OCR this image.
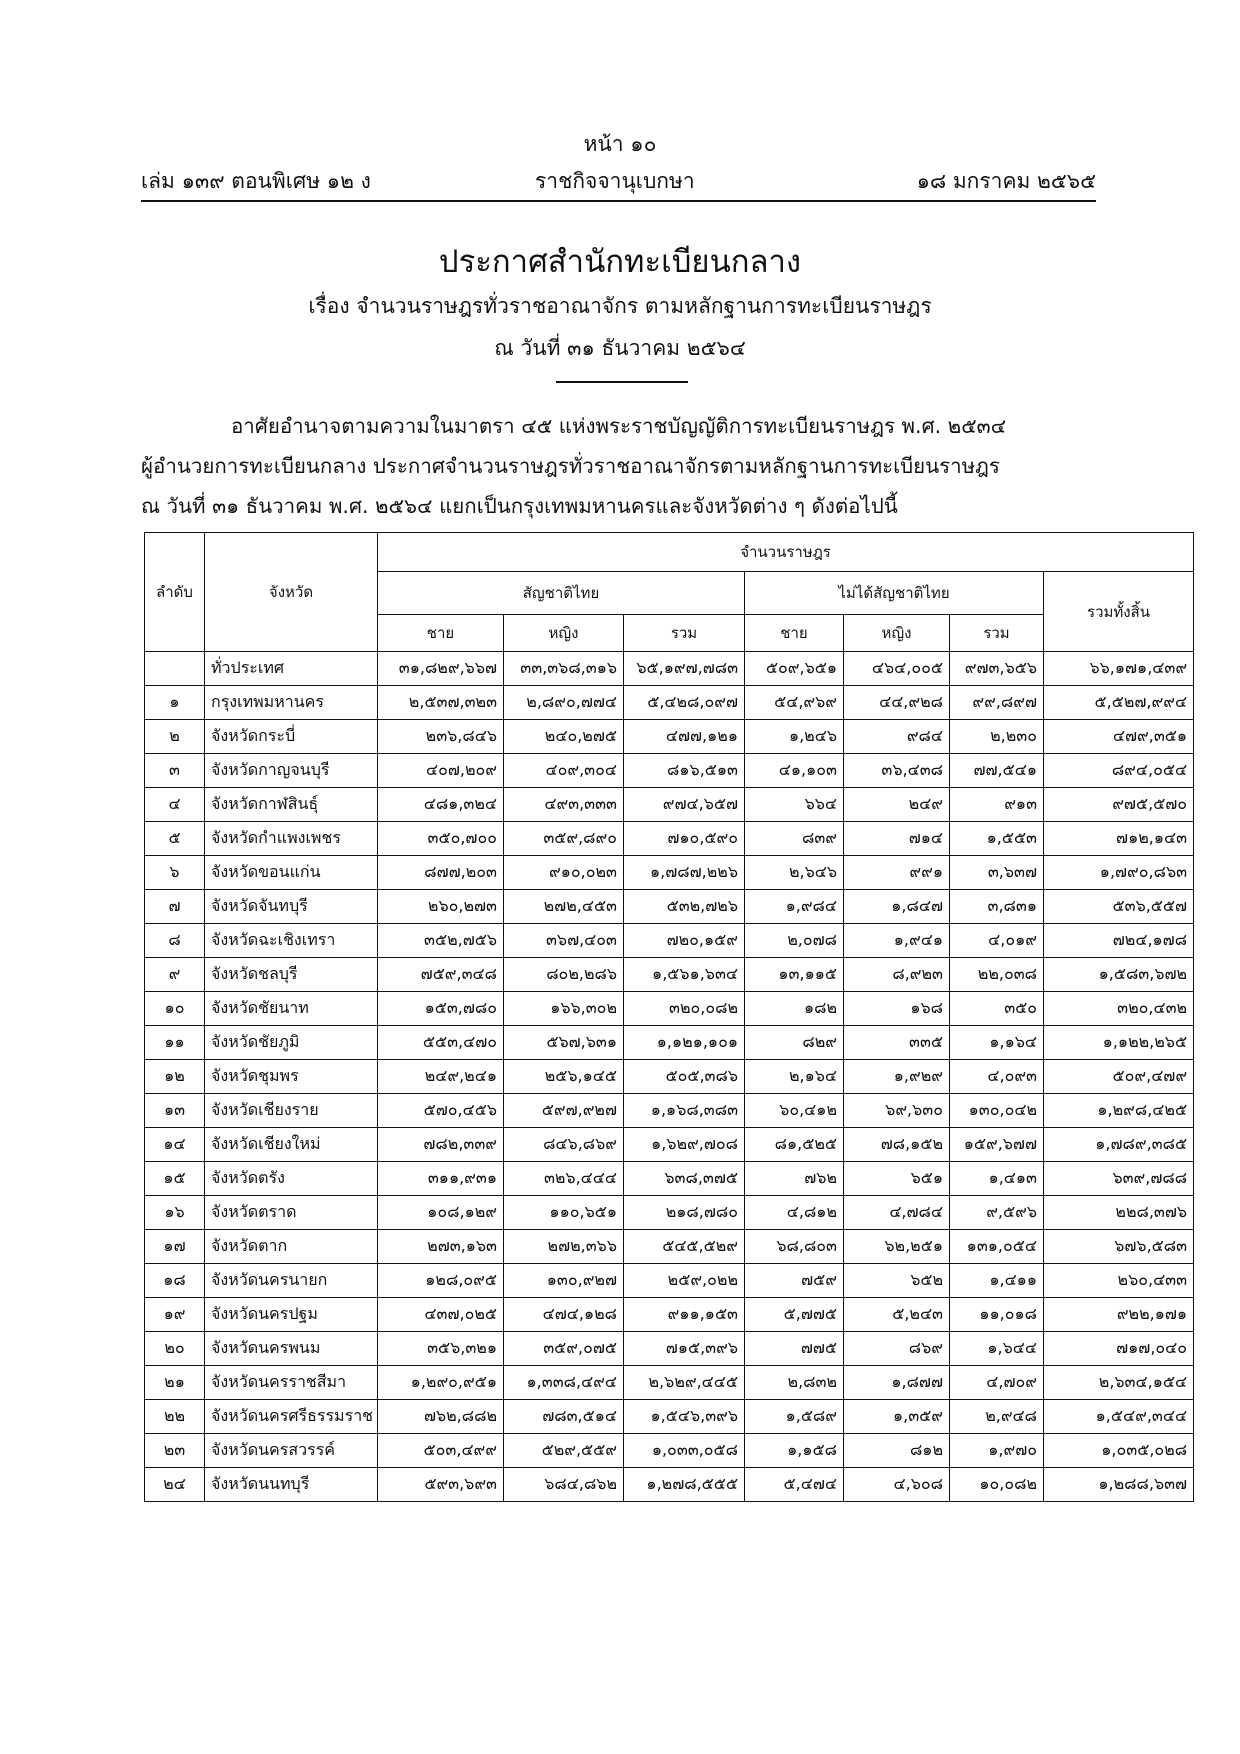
หน้า ๑๐
เล่ม ๑๓๙ ตอนพิเศษ ๑๒ ง	ราชกิจจานุเบกษา	๑๘ มกราคม ๒๕๖๕
ประกาศสำนักทะเบียนกลาง
เรื่อง จำนวนราษฎรทั่วราชอาณาจักร ตามหลักฐานการทะเบียนราษฎร
ณ วันที่ ๓๑ ธันวาคม ๒๕๖๔
อาศัยอำนาจตามความในมาตรา ๔๕ แห่งพระราชบัญญัติการทะเบียนราษฎร พ.ศ. ๒๕๓๔
ผู้อำนวยการทะเบียนกลาง ประกาศจำนวนราษฎรทั่วราชอาณาจักรตามหลักฐานการทะเบียนราษฎร
ณ วันที่ ๓๑ ธันวาคม พ.ศ. ๒๕๖๔ แยกเป็นกรุงเทพมหานครและจังหวัดต่าง ๆ ดังต่อไปนี้
ลำดับ	จังหวัด	จำนวนราษฎร						
		สัญชาติไทย			ไม่ได้สัญชาติไทย			รวมทั้งสิ้น
		ชาย	หญิง	รวม	ชาย	หญิง	รวม	
	ทั่วประเทศ	๓๑,๘๒๙,๖๖๗	๓๓,๓๖๘,๓๑๖	๖๕,๑๙๗,๗๘๓	๕๐๙,๖๕๑	๔๖๔,๐๐๕	๙๗๓,๖๕๖	๖๖,๑๗๑,๔๓๙
๑	กรุงเทพมหานคร	๒,๕๓๗,๓๒๓	๒,๘๙๐,๗๗๔	๕,๔๒๘,๐๙๗	๕๔,๙๖๙	๔๔,๙๒๘	๙๙,๘๙๗	๕,๕๒๗,๙๙๔
๒	จังหวัดกระบี่	๒๓๖,๘๔๖	๒๔๐,๒๗๕	๔๗๗,๑๒๑	๑,๒๔๖	๙๘๔	๒,๒๓๐	๔๗๙,๓๕๑
๓	จังหวัดกาญจนบุรี	๔๐๗,๒๐๙	๔๐๙,๓๐๔	๘๑๖,๕๑๓	๔๑,๑๐๓	๓๖,๔๓๘	๗๗,๕๔๑	๘๙๔,๐๕๔
๔	จังหวัดกาฬสินธุ์	๔๘๑,๓๒๔	๔๙๓,๓๓๓	๙๗๔,๖๕๗	๖๖๔	๒๔๙	๙๑๓	๙๗๕,๕๗๐
๕	จังหวัดกำแพงเพชร	๓๕๐,๗๐๐	๓๕๙,๘๙๐	๗๑๐,๕๙๐	๘๓๙	๗๑๔	๑,๕๕๓	๗๑๒,๑๔๓
๖	จังหวัดขอนแก่น	๘๗๗,๒๐๓	๙๑๐,๐๒๓	๑,๗๘๗,๒๒๖	๒,๖๔๖	๙๙๑	๓,๖๓๗	๑,๗๙๐,๘๖๓
๗	จังหวัดจันทบุรี	๒๖๐,๒๗๓	๒๗๒,๔๕๓	๕๓๒,๗๒๖	๑,๙๘๔	๑,๘๔๗	๓,๘๓๑	๕๓๖,๕๕๗
๘	จังหวัดฉะเชิงเทรา	๓๕๒,๗๕๖	๓๖๗,๔๐๓	๗๒๐,๑๕๙	๒,๐๗๘	๑,๙๔๑	๔,๐๑๙	๗๒๔,๑๗๘
๙	จังหวัดชลบุรี	๗๕๙,๓๔๘	๘๐๒,๒๘๖	๑,๕๖๑,๖๓๔	๑๓,๑๑๕	๘,๙๒๓	๒๒,๐๓๘	๑,๕๘๓,๖๗๒
๑๐	จังหวัดชัยนาท	๑๕๓,๗๘๐	๑๖๖,๓๐๒	๓๒๐,๐๘๒	๑๘๒	๑๖๘	๓๕๐	๓๒๐,๔๓๒
๑๑	จังหวัดชัยภูมิ	๕๕๓,๔๗๐	๕๖๗,๖๓๑	๑,๑๒๑,๑๐๑	๘๒๙	๓๓๕	๑,๑๖๔	๑,๑๒๒,๒๖๕
๑๒	จังหวัดชุมพร	๒๔๙,๒๔๑	๒๕๖,๑๔๕	๕๐๕,๓๘๖	๒,๑๖๔	๑,๙๒๙	๔,๐๙๓	๕๐๙,๔๗๙
๑๓	จังหวัดเชียงราย	๕๗๐,๔๕๖	๕๙๗,๙๒๗	๑,๑๖๘,๓๘๓	๖๐,๔๑๒	๖๙,๖๓๐	๑๓๐,๐๔๒	๑,๒๙๘,๔๒๕
๑๔	จังหวัดเชียงใหม่	๗๘๒,๓๓๙	๘๔๖,๘๖๙	๑,๖๒๙,๗๐๘	๘๑,๕๒๕	๗๘,๑๕๒	๑๕๙,๖๗๗	๑,๗๘๙,๓๘๕
๑๕	จังหวัดตรัง	๓๑๑,๙๓๑	๓๒๖,๔๔๔	๖๓๘,๓๗๕	๗๖๒	๖๕๑	๑,๔๑๓	๖๓๙,๗๘๘
๑๖	จังหวัดตราด	๑๐๘,๑๒๙	๑๑๐,๖๕๑	๒๑๘,๗๘๐	๔,๘๑๒	๔,๗๘๔	๙,๕๙๖	๒๒๘,๓๗๖
๑๗	จังหวัดตาก	๒๗๓,๑๖๓	๒๗๒,๓๖๖	๕๔๕,๕๒๙	๖๘,๘๐๓	๖๒,๒๕๑	๑๓๑,๐๕๔	๖๗๖,๕๘๓
๑๘	จังหวัดนครนายก	๑๒๘,๐๙๕	๑๓๐,๙๒๗	๒๕๙,๐๒๒	๗๕๙	๖๕๒	๑,๔๑๑	๒๖๐,๔๓๓
๑๙	จังหวัดนครปฐม	๔๓๗,๐๒๕	๔๗๔,๑๒๘	๙๑๑,๑๕๓	๕,๗๗๕	๕,๒๔๓	๑๑,๐๑๘	๙๒๒,๑๗๑
๒๐	จังหวัดนครพนม	๓๕๖,๓๒๑	๓๕๙,๐๗๕	๗๑๕,๓๙๖	๗๗๕	๘๖๙	๑,๖๔๔	๗๑๗,๐๔๐
๒๑	จังหวัดนครราชสีมา	๑,๒๙๐,๙๕๑	๑,๓๓๘,๔๙๔	๒,๖๒๙,๔๔๕	๒,๘๓๒	๑,๘๗๗	๔,๗๐๙	๒,๖๓๔,๑๕๔
๒๒	จังหวัดนครศรีธรรมราช	๗๖๒,๘๘๒	๗๘๓,๕๑๔	๑,๕๔๖,๓๙๖	๑,๕๘๙	๑,๓๕๙	๒,๙๔๘	๑,๕๔๙,๓๔๔
๒๓	จังหวัดนครสวรรค์	๕๐๓,๔๙๙	๕๒๙,๕๕๙	๑,๐๓๓,๐๕๘	๑,๑๕๘	๘๑๒	๑,๙๗๐	๑,๐๓๕,๐๒๘
๒๔	จังหวัดนนทบุรี	๕๙๓,๖๙๓	๖๘๔,๘๖๒	๑,๒๗๘,๕๕๕	๕,๔๗๔	๔,๖๐๘	๑๐,๐๘๒	๑,๒๘๘,๖๓๗
